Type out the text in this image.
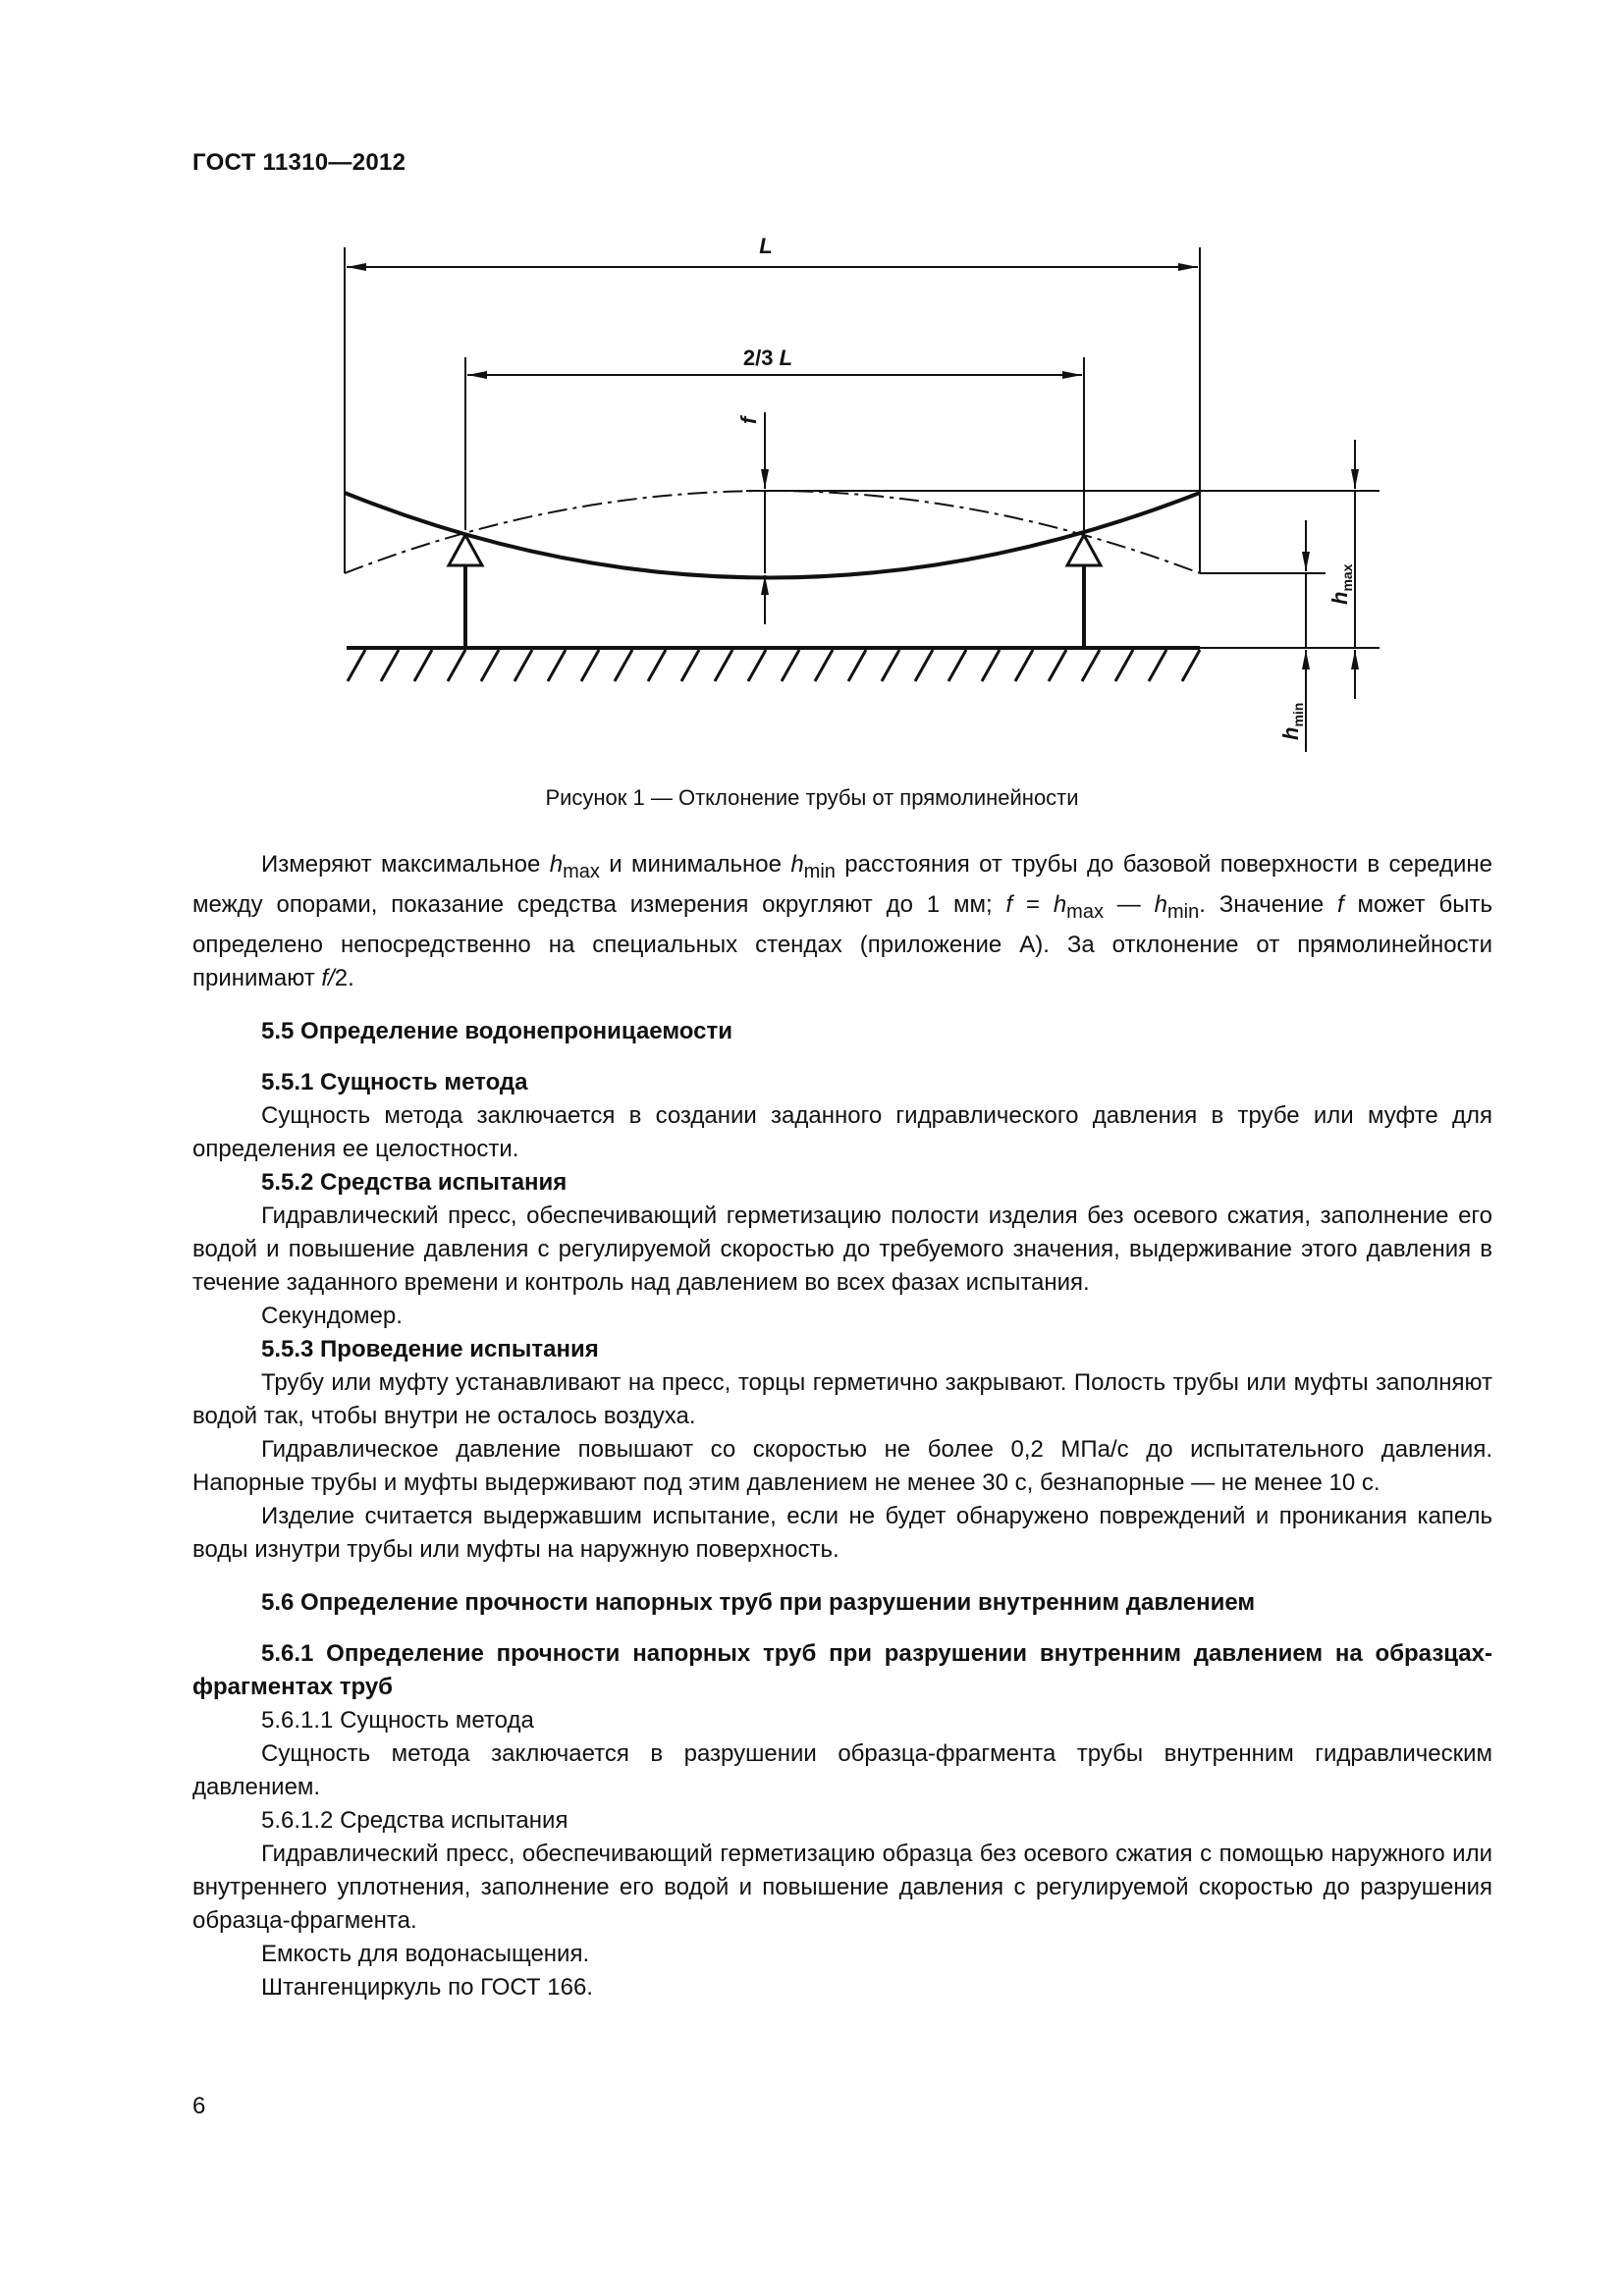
ГОСТ 11310—2012
L
2/3 L
f
$h_{max}$
$h_{min}$
Рисунок 1 — Отклонение трубы от прямолинейности

Измеряют максимальное $h_{max}$ и минимальное $h_{min}$ расстояния от трубы до базовой поверхности в середине между опорами, показание средства измерения округляют до 1 мм; $f = h_{max}$ — $h_{min}$. Значение f может быть определено непосредственно на специальных стендах (приложение А). За отклонение от прямолинейности принимают f/2.

5.5 Определение водонепроницаемости

5.5.1 Сущность метода

Сущность метода заключается в создании заданного гидравлического давления в трубе или муфте для определения ее целостности.

5.5.2 Средства испытания

Гидравлический пресс, обеспечивающий герметизацию полости изделия без осевого сжатия, заполнение его водой и повышение давления с регулируемой скоростью до требуемого значения, выдерживание этого давления в течение заданного времени и контроль над давлением во всех фазах испытания.

Секундомер.

5.5.3 Проведение испытания

Трубу или муфту устанавливают на пресс, торцы герметично закрывают. Полость трубы или муфты заполняют водой так, чтобы внутри не осталось воздуха.

Гидравлическое давление повышают со скоростью не более 0,2 МПа/с до испытательного давления. Напорные трубы и муфты выдерживают под этим давлением не менее 30 с, безнапорные — не менее 10 с.

Изделие считается выдержавшим испытание, если не будет обнаружено повреждений и проникания капель воды изнутри трубы или муфты на наружную поверхность.

5.6 Определение прочности напорных труб при разрушении внутренним давлением

5.6.1 Определение прочности напорных труб при разрушении внутренним давлением на образцах-фрагментах труб

5.6.1.1 Сущность метода

Сущность метода заключается в разрушении образца-фрагмента трубы внутренним гидравлическим давлением.

5.6.1.2 Средства испытания

Гидравлический пресс, обеспечивающий герметизацию образца без осевого сжатия с помощью наружного или внутреннего уплотнения, заполнение его водой и повышение давления с регулируемой скоростью до разрушения образца-фрагмента.

Емкость для водонасыщения.

Штангенциркуль по ГОСТ 166.

6
